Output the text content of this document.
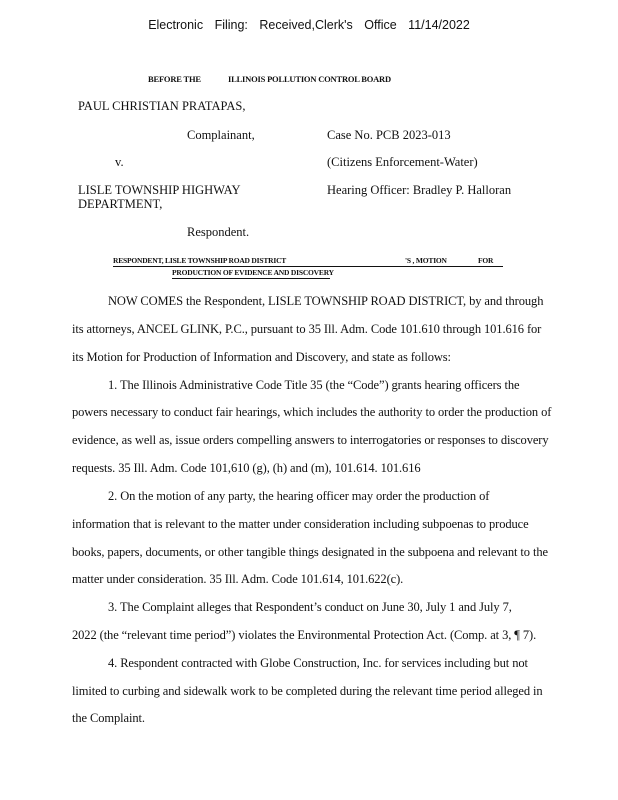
Electronic Filing: Received,Clerk's Office 11/14/2022
BEFORE THE	ILLINOIS POLLUTION CONTROL BOARD
PAUL CHRISTIAN PRATAPAS,
Complainant,	Case No. PCB 2023-013
v.	(Citizens Enforcement-Water)
LISLE TOWNSHIP HIGHWAY
DEPARTMENT,
Hearing Officer: Bradley P. Halloran
Respondent.
RESPONDENT, LISLE TOWNSHIP ROAD DISTRICT	'S , MOTION	FOR
PRODUCTION OF EVIDENCE AND DISCOVERY
NOW COMES the Respondent, LISLE TOWNSHIP ROAD DISTRICT, by and through
its attorneys, ANCEL GLINK, P.C., pursuant to 35 Ill. Adm. Code 101.610 through 101.616 for
its Motion for Production of Information and Discovery, and state as follows:
1. The Illinois Administrative Code Title 35 (the “Code”) grants hearing officers the
powers necessary to conduct fair hearings, which includes the authority to order the production of
evidence, as well as, issue orders compelling answers to interrogatories or responses to discovery
requests. 35 Ill. Adm. Code 101,610 (g), (h) and (m), 101.614. 101.616
2. On the motion of any party, the hearing officer may order the production of
information that is relevant to the matter under consideration including subpoenas to produce
books, papers, documents, or other tangible things designated in the subpoena and relevant to the
matter under consideration. 35 Ill. Adm. Code 101.614, 101.622(c).
3. The Complaint alleges that Respondent’s conduct on June 30, July 1 and July 7,
2022 (the “relevant time period”) violates the Environmental Protection Act. (Comp. at 3, ¶ 7).
4. Respondent contracted with Globe Construction, Inc. for services including but not
limited to curbing and sidewalk work to be completed during the relevant time period alleged in
the Complaint.
